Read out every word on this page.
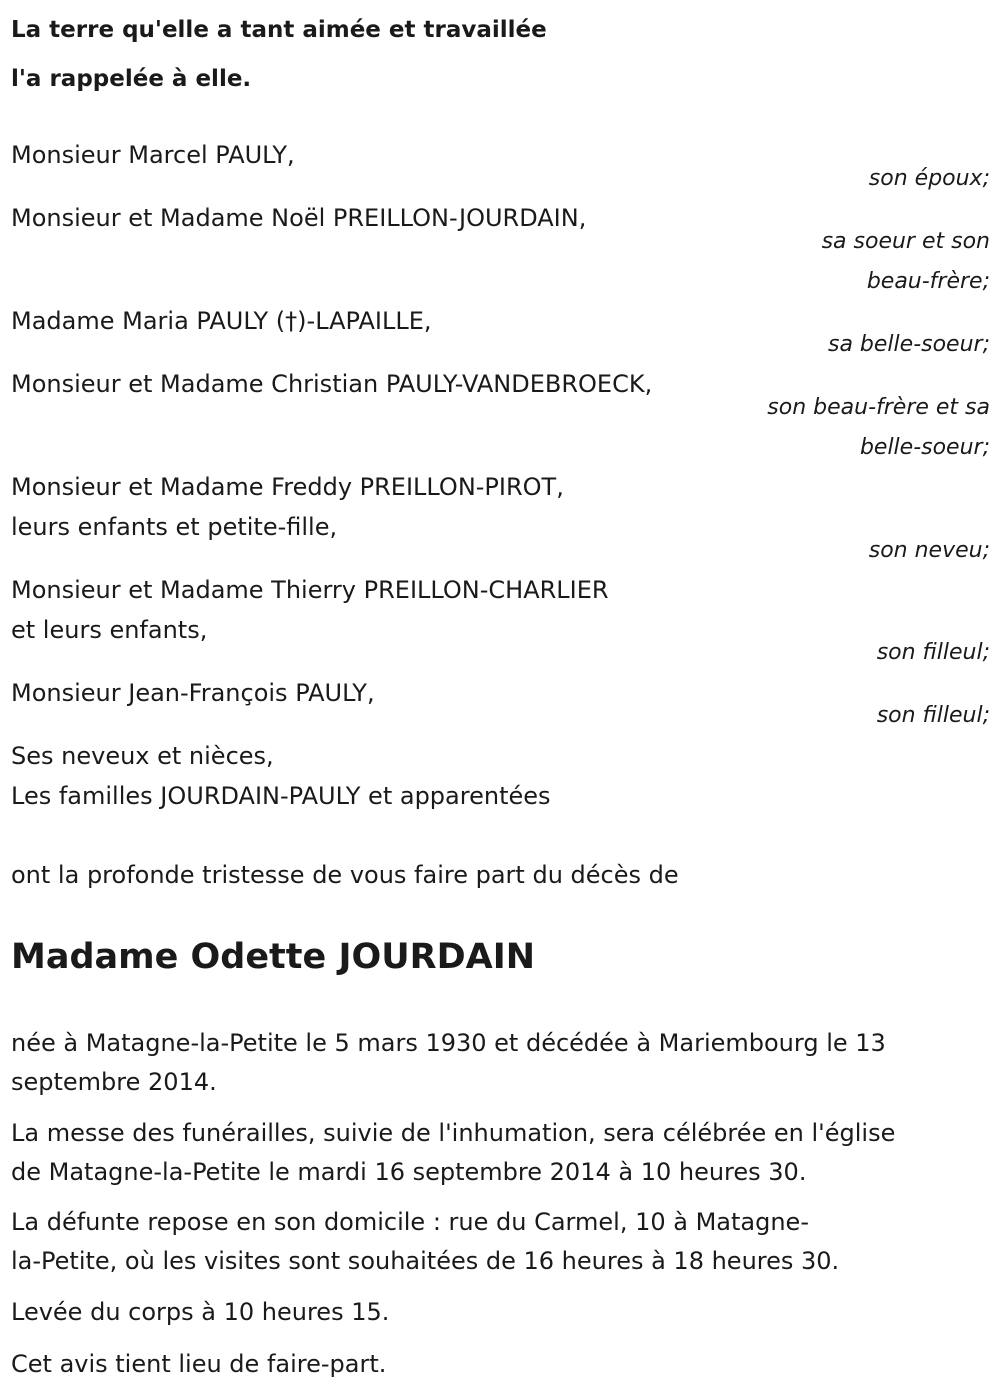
La terre qu'elle a tant aimée et travaillée
l'a rappelée à elle.
Monsieur Marcel PAULY,
son époux;
Monsieur et Madame Noël PREILLON-JOURDAIN,
sa soeur et son
beau-frère;
Madame Maria PAULY (†)-LAPAILLE,
sa belle-soeur;
Monsieur et Madame Christian PAULY-VANDEBROECK,
son beau-frère et sa
belle-soeur;
Monsieur et Madame Freddy PREILLON-PIROT,
leurs enfants et petite-fille,
son neveu;
Monsieur et Madame Thierry PREILLON-CHARLIER
et leurs enfants,
son filleul;
Monsieur Jean-François PAULY,
son filleul;
Ses neveux et nièces,
Les familles JOURDAIN-PAULY et apparentées
ont la profonde tristesse de vous faire part du décès de
Madame Odette JOURDAIN
née à Matagne-la-Petite le 5 mars 1930 et décédée à Mariembourg le 13
septembre 2014.
La messe des funérailles, suivie de l'inhumation, sera célébrée en l'église
de Matagne-la-Petite le mardi 16 septembre 2014 à 10 heures 30.
La défunte repose en son domicile : rue du Carmel, 10 à Matagne-
la-Petite, où les visites sont souhaitées de 16 heures à 18 heures 30.
Levée du corps à 10 heures 15.
Cet avis tient lieu de faire-part.
